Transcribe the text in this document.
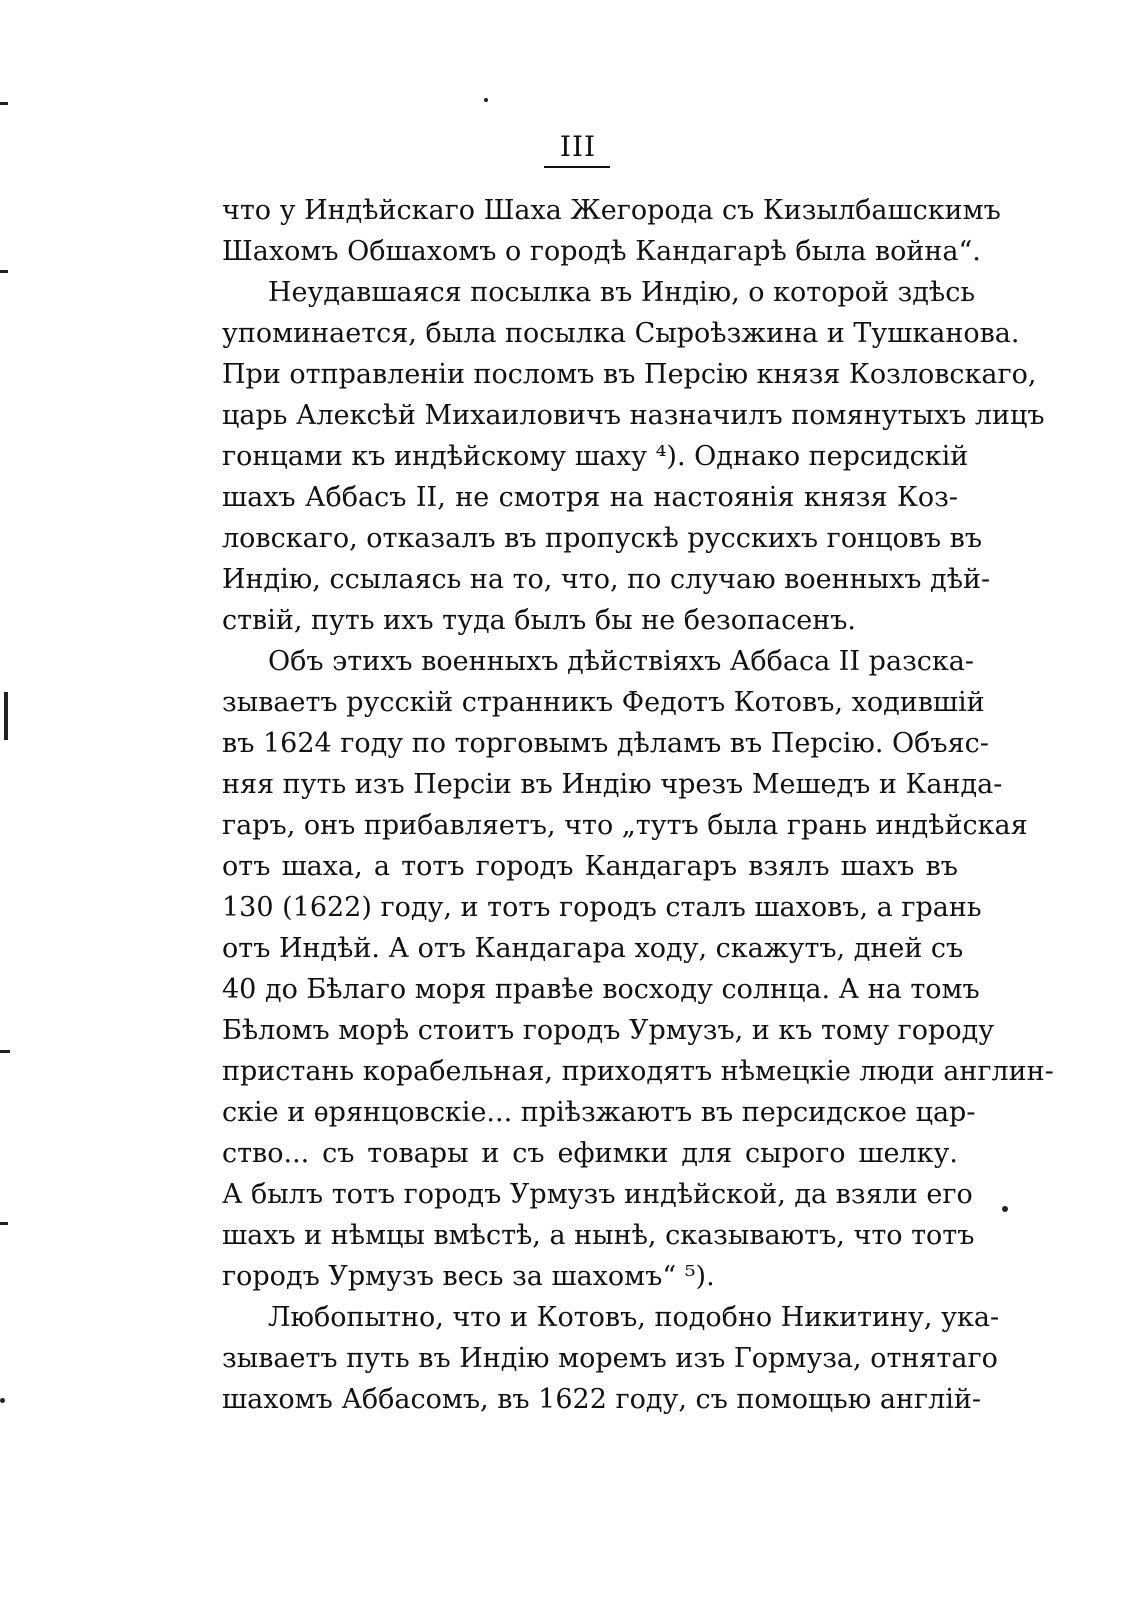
III
что у Индѣйскаго Шаха Жегорода съ Кизылбашскимъ
Шахомъ Обшахомъ о городѣ Кандагарѣ была война“.
Неудавшаяся посылка въ Индію, о которой здѣсь
упоминается, была посылка Сыроѣзжина и Тушканова.
При отправленіи посломъ въ Персію князя Козловскаго,
царь Алексѣй Михаиловичъ назначилъ помянутыхъ лицъ
гонцами къ индѣйскому шаху ⁴). Однако персидскій
шахъ Аббасъ II, не смотря на настоянія князя Коз-
ловскаго, отказалъ въ пропускѣ русскихъ гонцовъ въ
Индію, ссылаясь на то, что, по случаю военныхъ дѣй-
ствій, путь ихъ туда былъ бы не безопасенъ.
Объ этихъ военныхъ дѣйствіяхъ Аббаса II разска-
зываетъ русскій странникъ Федотъ Котовъ, ходившій
въ 1624 году по торговымъ дѣламъ въ Персію. Объяс-
няя путь изъ Персіи въ Индію чрезъ Мешедъ и Канда-
гаръ, онъ прибавляетъ, что „тутъ была грань индѣйская
отъ шаха, а тотъ городъ Кандагаръ взялъ шахъ въ
130 (1622) году, и тотъ городъ сталъ шаховъ, а грань
отъ Индѣй. А отъ Кандагара ходу, скажутъ, дней съ
40 до Бѣлаго моря правѣе восходу солнца. А на томъ
Бѣломъ морѣ стоитъ городъ Урмузъ, и къ тому городу
пристань корабельная, приходятъ нѣмецкіе люди англин-
скіе и ѳрянцовскіе... пріѣзжаютъ въ персидское цар-
ство... съ товары и съ ефимки для сырого шелку.
А былъ тотъ городъ Урмузъ индѣйской, да взяли его
шахъ и нѣмцы вмѣстѣ, а нынѣ, сказываютъ, что тотъ
городъ Урмузъ весь за шахомъ“ ⁵).
Любопытно, что и Котовъ, подобно Никитину, ука-
зываетъ путь въ Индію моремъ изъ Гормуза, отнятаго
шахомъ Аббасомъ, въ 1622 году, съ помощью англій-
